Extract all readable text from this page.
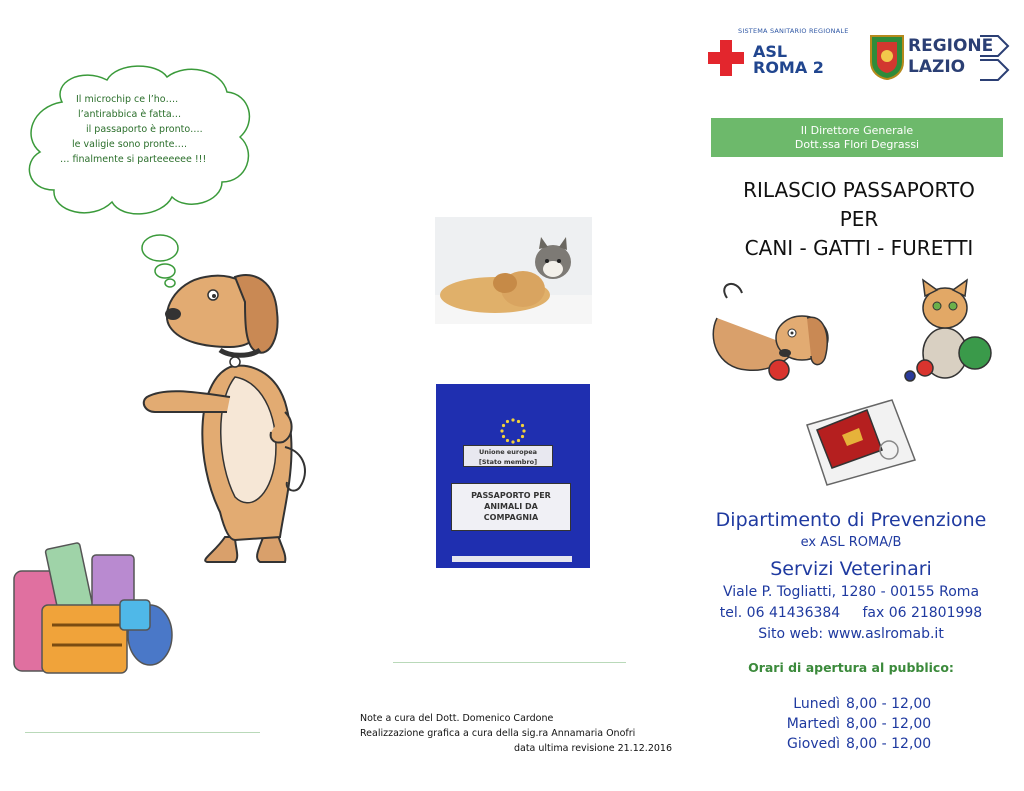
Il microchip ce l’ho….
l’antirabbica è fatta…
il passaporto è pronto….
le valigie sono pronte….
… finalmente si parteeeeee !!!
Unione europea
[Stato membro]
PASSAPORTO PER
ANIMALI DA
COMPAGNIA
Note a cura del Dott. Domenico Cardone
Realizzazione grafica a cura della sig.ra Annamaria Onofri
data ultima revisione 21.12.2016
SISTEMA SANITARIO REGIONALE
ASL
ROMA 2
REGIONE
LAZIO
Il Direttore Generale
Dott.ssa Flori Degrassi
RILASCIO PASSAPORTO
PER
CANI - GATTI - FURETTI
Dipartimento di Prevenzione
ex ASL ROMA/B
Servizi Veterinari
Viale P. Togliatti, 1280 - 00155 Roma
tel. 06 41436384     fax 06 21801998
Sito web: www.aslromab.it
Orari di apertura al pubblico:
Lunedì 8,00 - 12,00
Martedì 8,00 - 12,00
Giovedì 8,00 - 12,00
